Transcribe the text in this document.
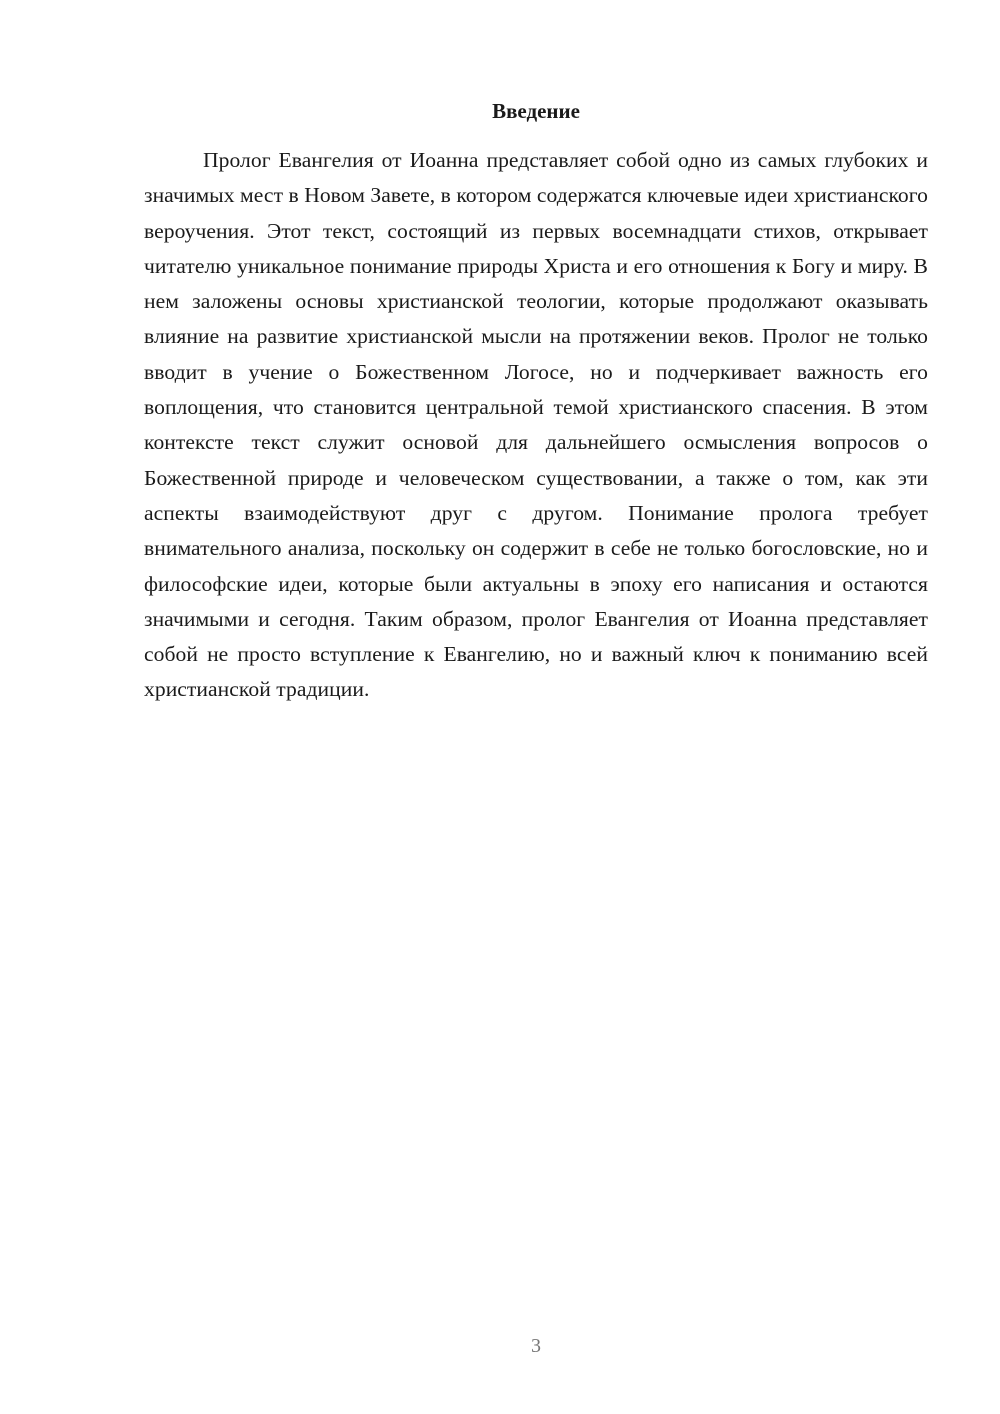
Введение

Пролог Евангелия от Иоанна представляет собой одно из самых глубоких и значимых мест в Новом Завете, в котором содержатся ключевые идеи христианского вероучения. Этот текст, состоящий из первых восемнадцати стихов, открывает читателю уникальное понимание природы Христа и его отношения к Богу и миру. В нем заложены основы христианской теологии, которые продолжают оказывать влияние на развитие христианской мысли на протяжении веков. Пролог не только вводит в учение о Божественном Логосе, но и подчеркивает важность его воплощения, что становится центральной темой христианского спасения. В этом контексте текст служит основой для дальнейшего осмысления вопросов о Божественной природе и человеческом существовании, а также о том, как эти аспекты взаимодействуют друг с другом. Понимание пролога требует внимательного анализа, поскольку он содержит в себе не только богословские, но и философские идеи, которые были актуальны в эпоху его написания и остаются значимыми и сегодня. Таким образом, пролог Евангелия от Иоанна представляет собой не просто вступление к Евангелию, но и важный ключ к пониманию всей христианской традиции.

3
